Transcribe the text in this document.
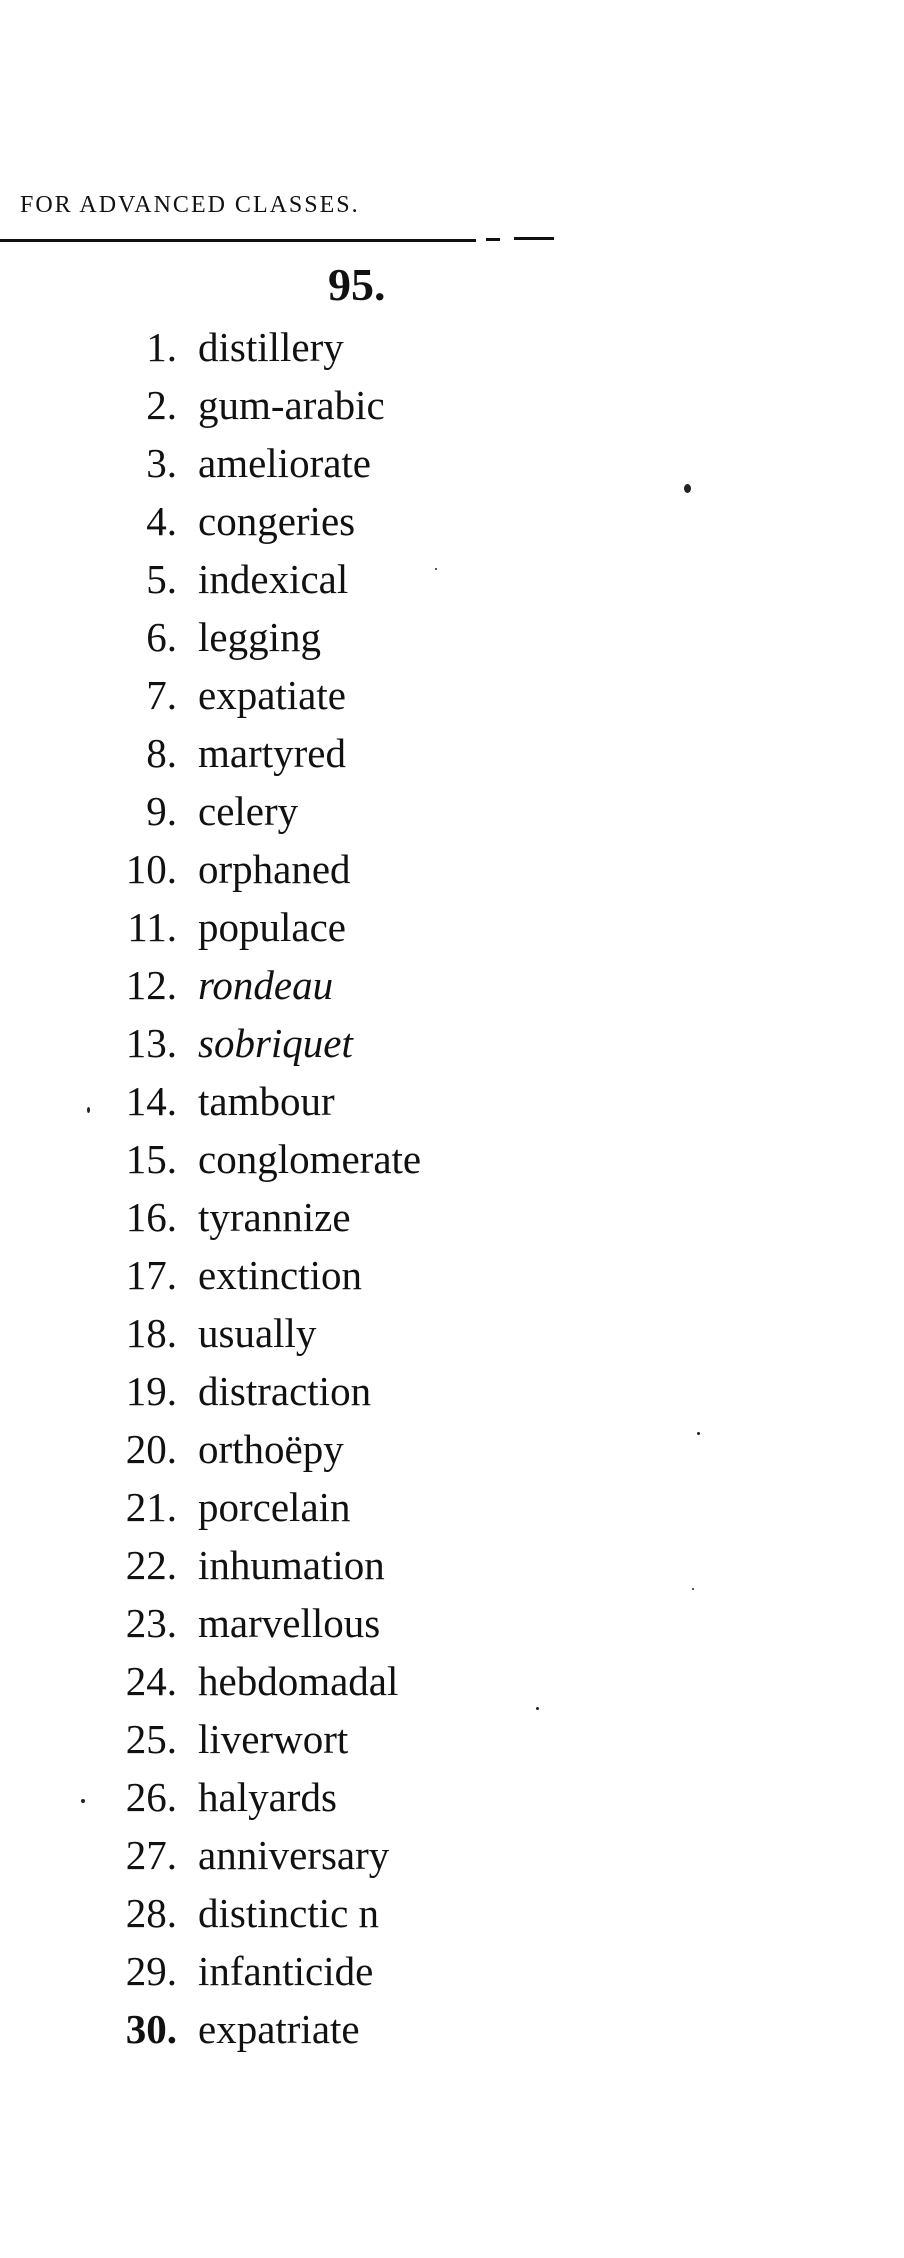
FOR ADVANCED CLASSES.
95.
1. distillery
2. gum-arabic
3. ameliorate
4. congeries
5. indexical
6. legging
7. expatiate
8. martyred
9. celery
10. orphaned
11. populace
12. rondeau
13. sobriquet
14. tambour
15. conglomerate
16. tyrannize
17. extinction
18. usually
19. distraction
20. orthoëpy
21. porcelain
22. inhumation
23. marvellous
24. hebdomadal
25. liverwort
26. halyards
27. anniversary
28. distinctic n
29. infanticide
30. expatriate
